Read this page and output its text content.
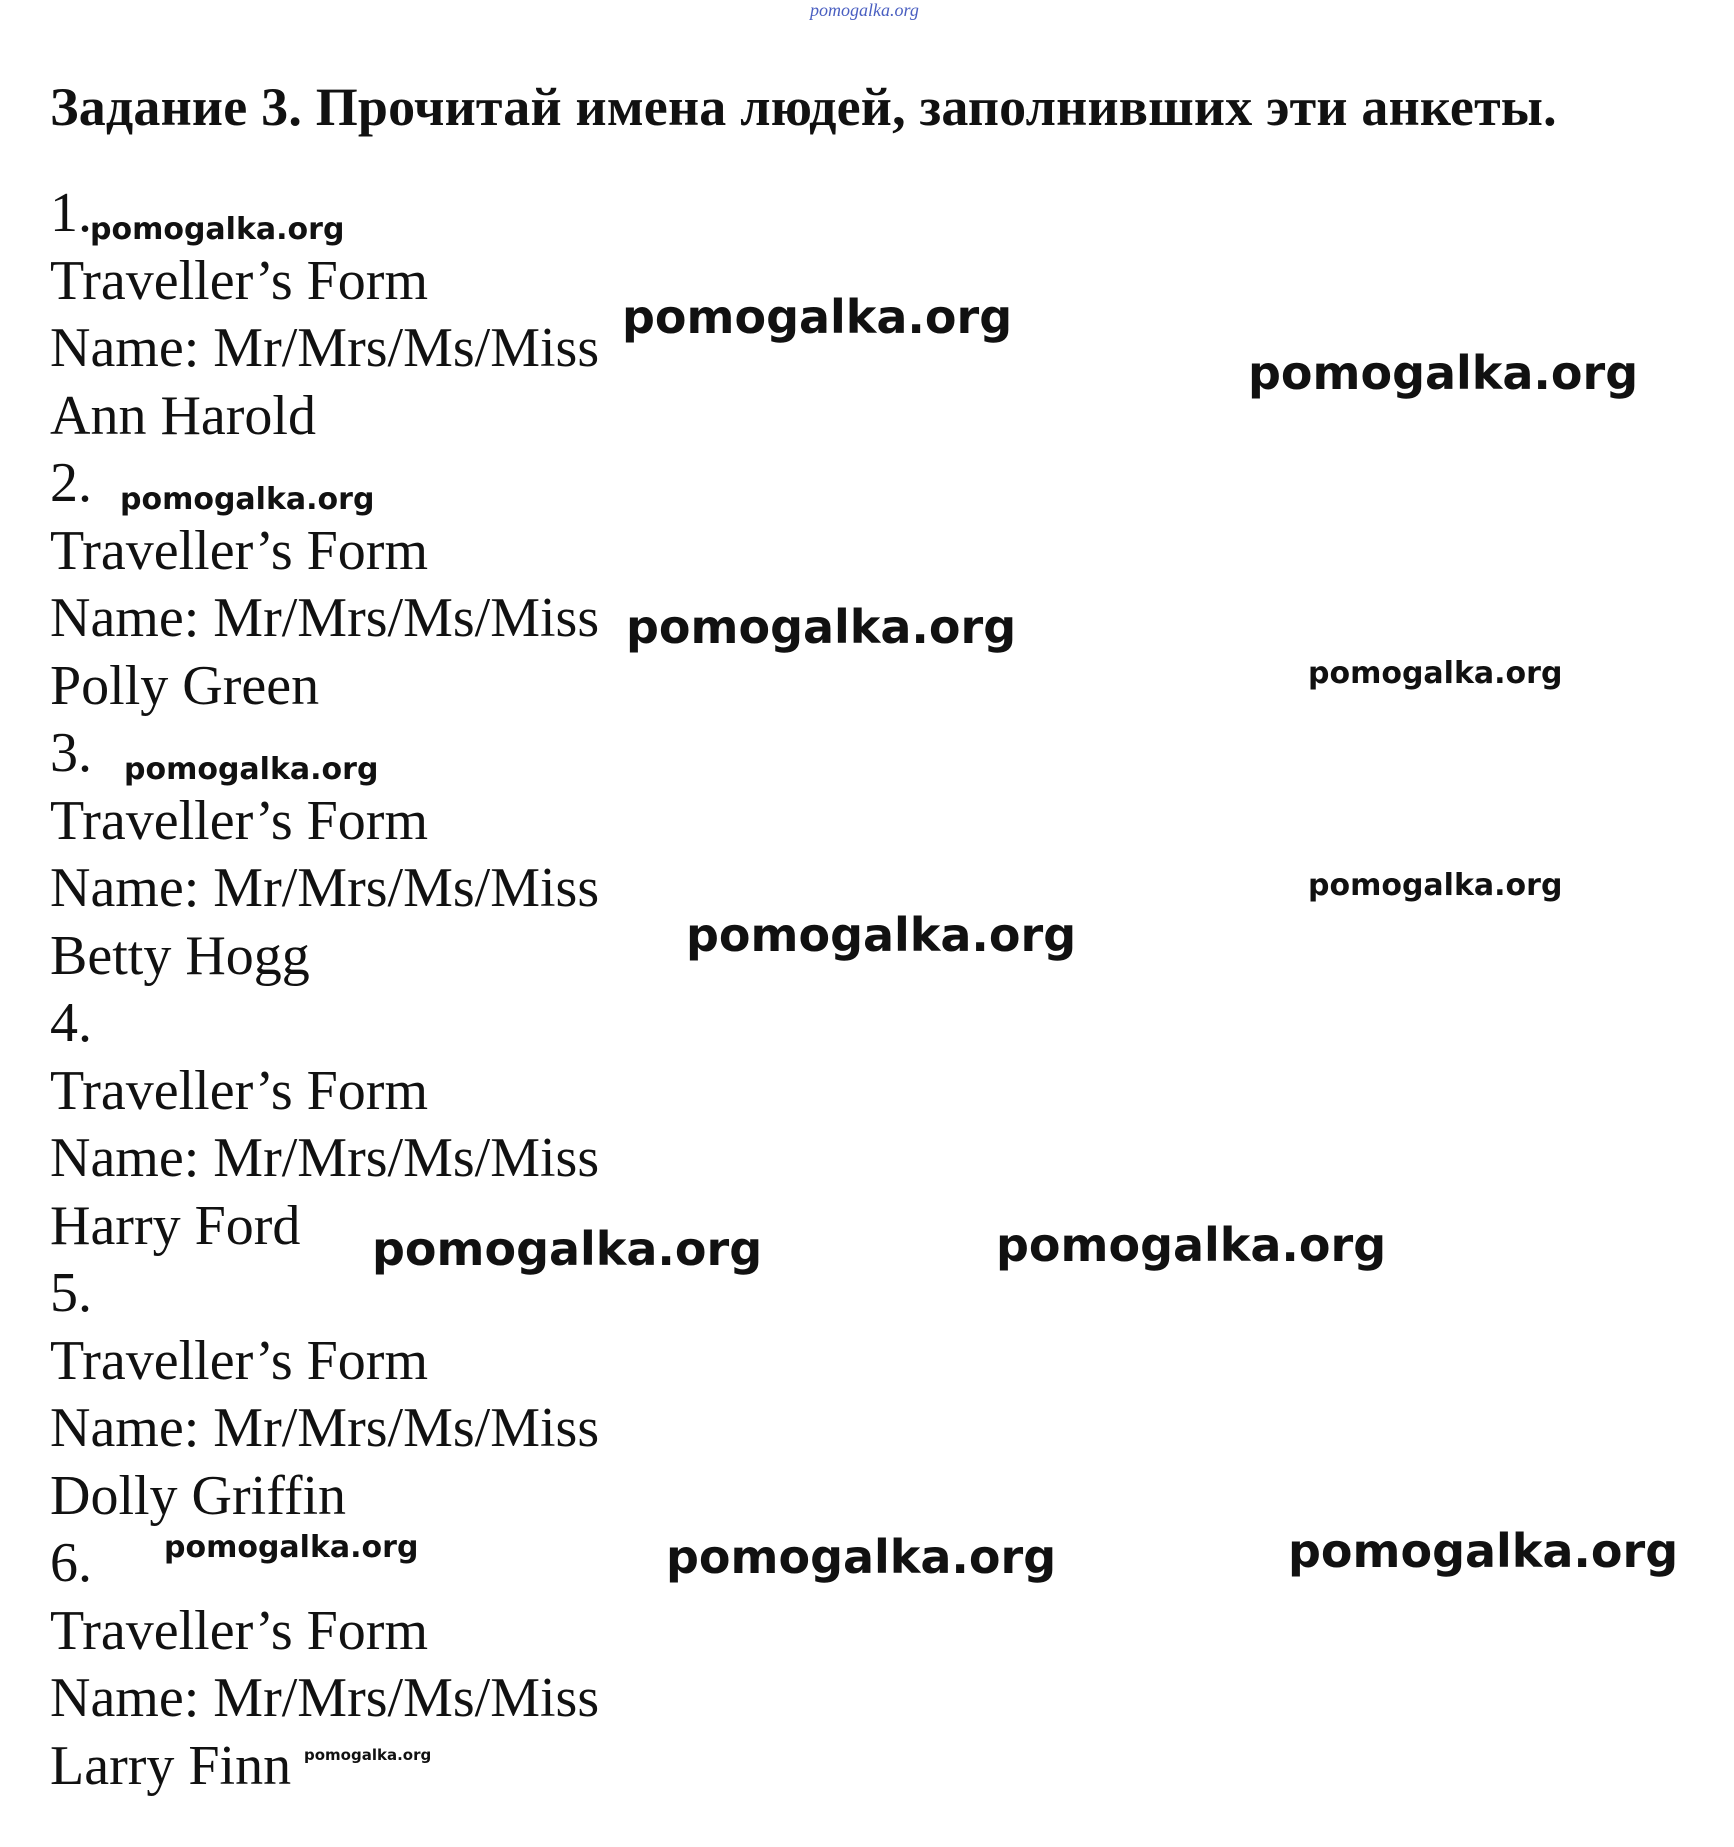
pomogalka.org
Задание 3. Прочитай имена людей, заполнивших эти анкеты.
1.
Traveller’s Form
Name: Mr/Mrs/Ms/Miss
Ann Harold
2.
Traveller’s Form
Name: Mr/Mrs/Ms/Miss
Polly Green
3.
Traveller’s Form
Name: Mr/Mrs/Ms/Miss
Betty Hogg
4.
Traveller’s Form
Name: Mr/Mrs/Ms/Miss
Harry Ford
5.
Traveller’s Form
Name: Mr/Mrs/Ms/Miss
Dolly Griffin
6.
Traveller’s Form
Name: Mr/Mrs/Ms/Miss
Larry Finn
pomogalka.org
pomogalka.org
pomogalka.org
pomogalka.org
pomogalka.org
pomogalka.org
pomogalka.org
pomogalka.org
pomogalka.org
pomogalka.org	pomogalka.org
pomogalka.org	pomogalka.org	pomogalka.org
pomogalka.org
